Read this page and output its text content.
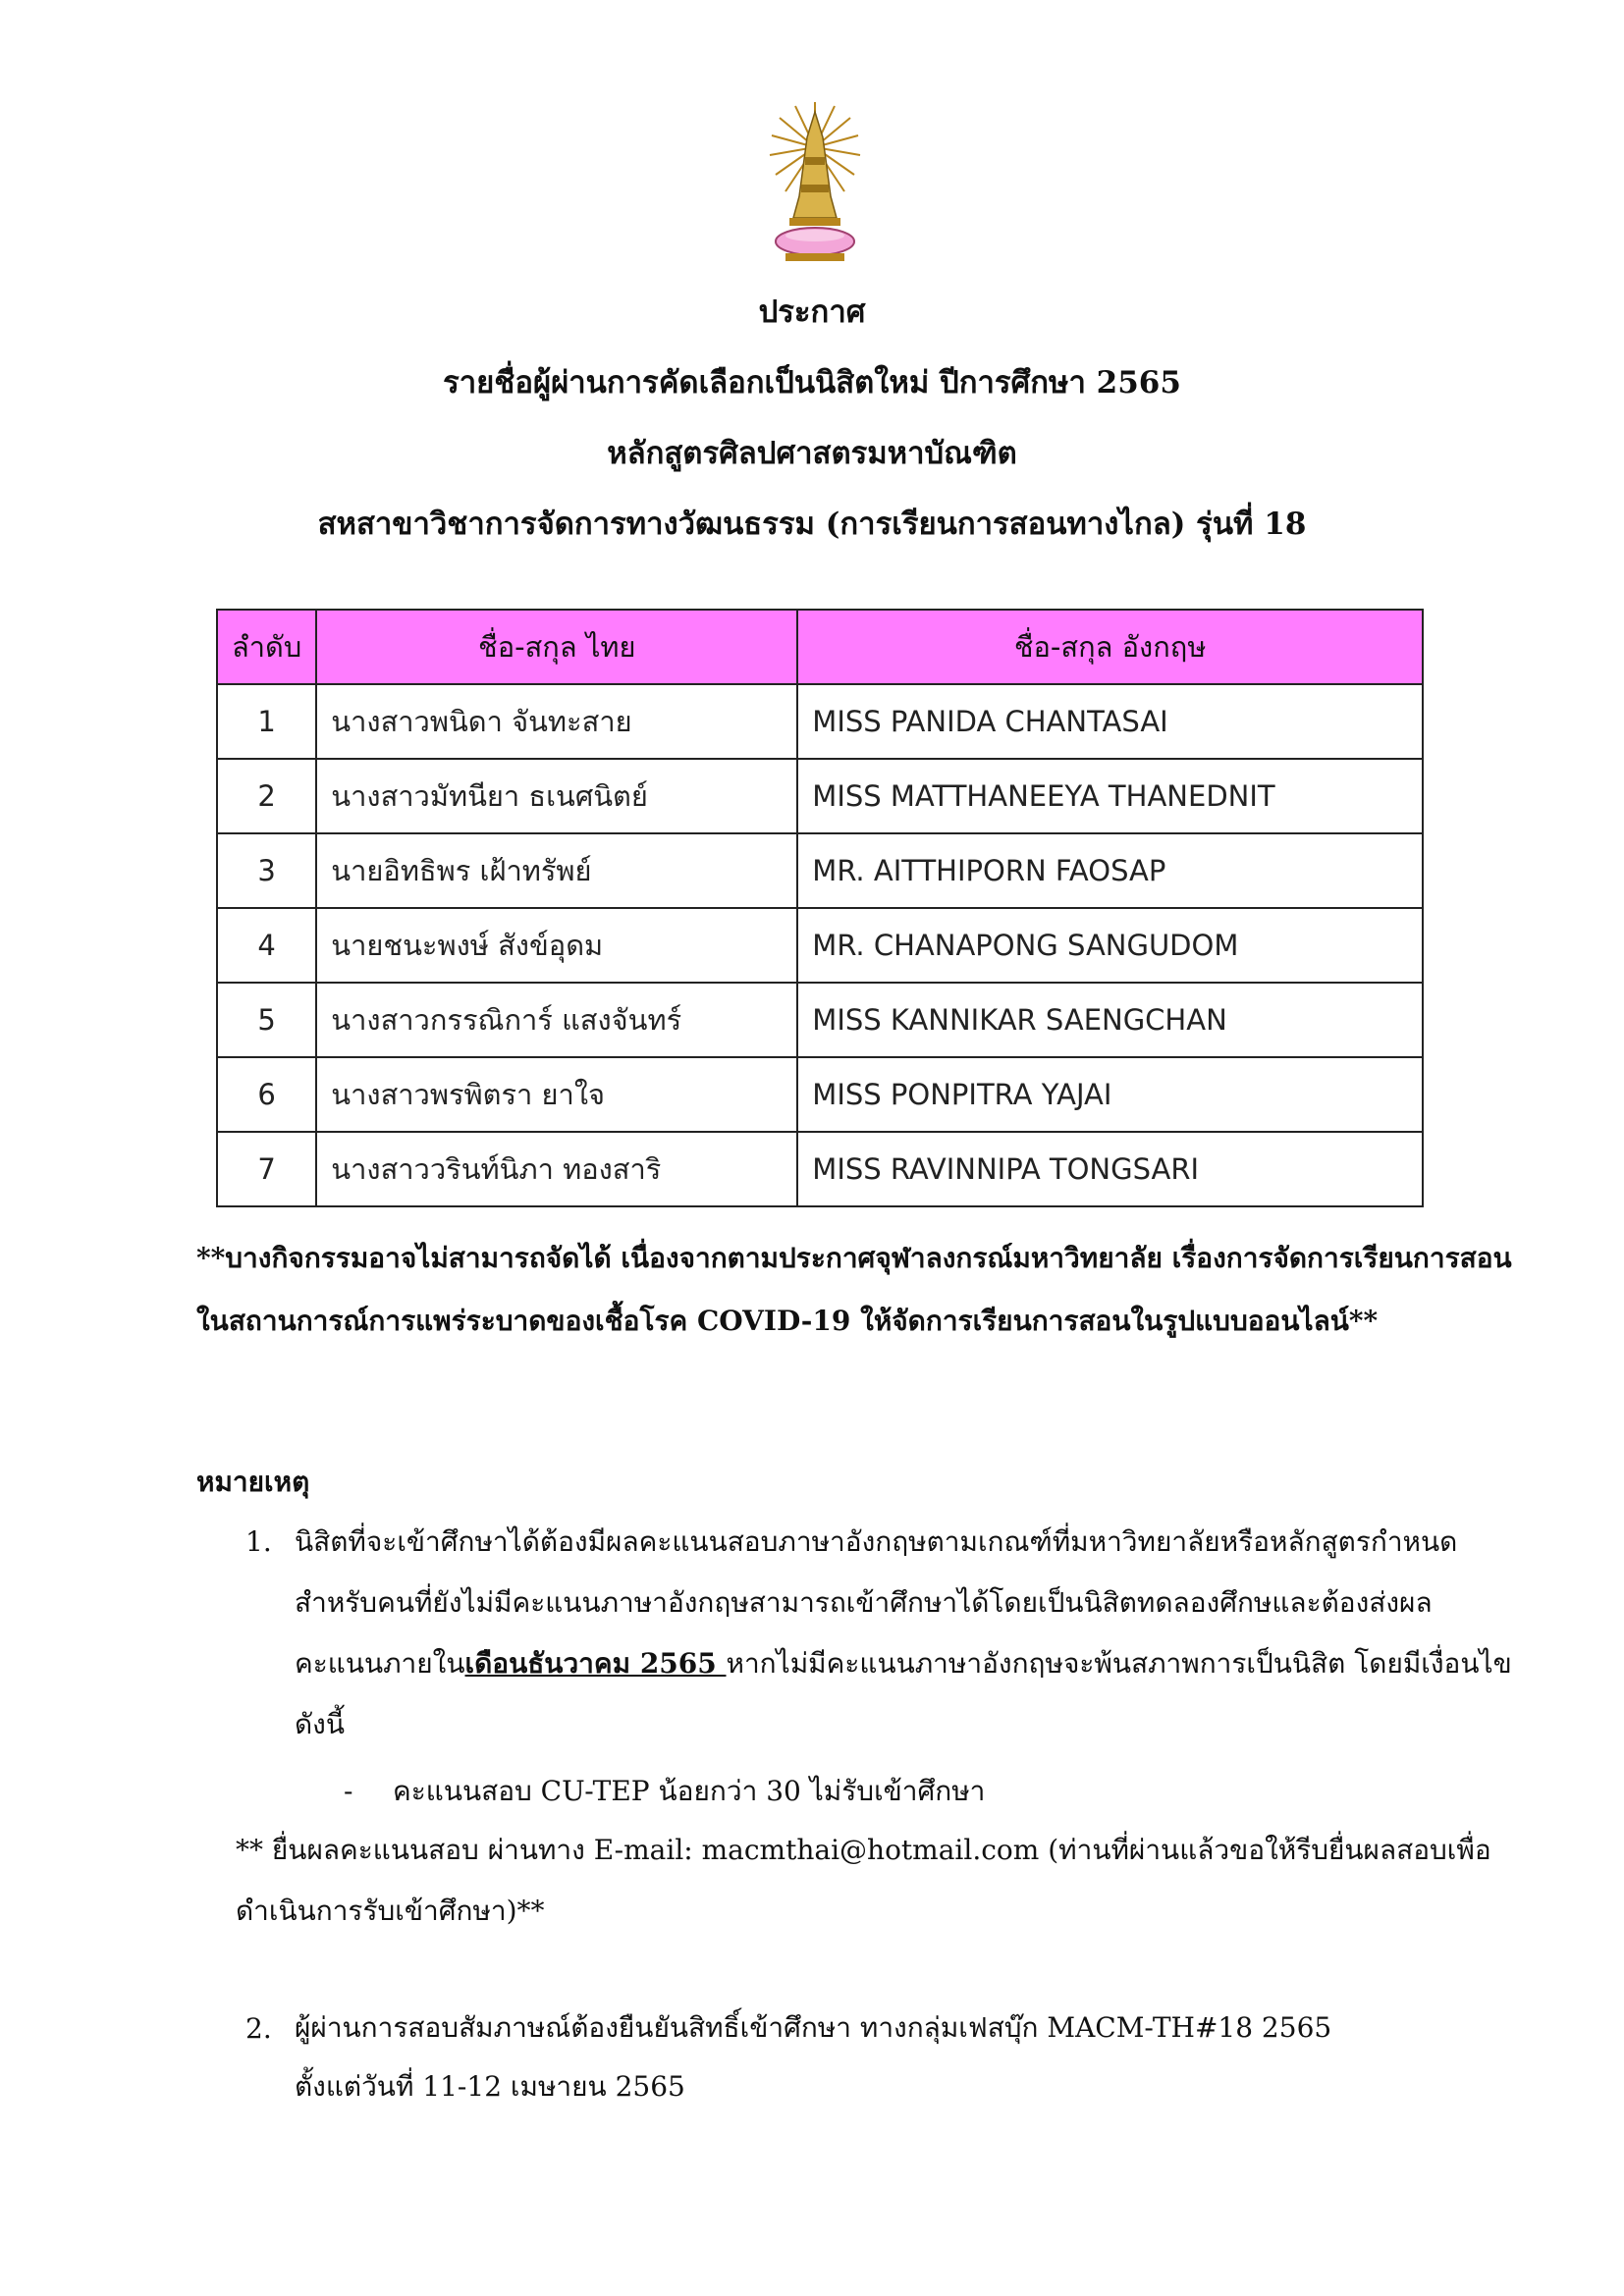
ประกาศ
รายชื่อผู้ผ่านการคัดเลือกเป็นนิสิตใหม่ ปีการศึกษา 2565
หลักสูตรศิลปศาสตรมหาบัณฑิต
สหสาขาวิชาการจัดการทางวัฒนธรรม (การเรียนการสอนทางไกล) รุ่นที่ 18
ลำดับ	ชื่อ-สกุล ไทย	ชื่อ-สกุล อังกฤษ
1	นางสาวพนิดา จันทะสาย	MISS PANIDA CHANTASAI
2	นางสาวมัทนียา ธเนศนิตย์	MISS MATTHANEEYA THANEDNIT
3	นายอิทธิพร เฝ้าทรัพย์	MR. AITTHIPORN FAOSAP
4	นายชนะพงษ์ สังข์อุดม	MR. CHANAPONG SANGUDOM
5	นางสาวกรรณิการ์ แสงจันทร์	MISS KANNIKAR SAENGCHAN
6	นางสาวพรพิตรา ยาใจ	MISS PONPITRA YAJAI
7	นางสาววรินท์นิภา ทองสาริ	MISS RAVINNIPA TONGSARI
**บางกิจกรรมอาจไม่สามารถจัดได้ เนื่องจากตามประกาศจุฬาลงกรณ์มหาวิทยาลัย เรื่องการจัดการเรียนการสอน
ในสถานการณ์การแพร่ระบาดของเชื้อโรค COVID-19 ให้จัดการเรียนการสอนในรูปแบบออนไลน์**
หมายเหตุ
1. นิสิตที่จะเข้าศึกษาได้ต้องมีผลคะแนนสอบภาษาอังกฤษตามเกณฑ์ที่มหาวิทยาลัยหรือหลักสูตรกำหนด
สำหรับคนที่ยังไม่มีคะแนนภาษาอังกฤษสามารถเข้าศึกษาได้โดยเป็นนิสิตทดลองศึกษและต้องส่งผล
คะแนนภายในเดือนธันวาคม 2565 หากไม่มีคะแนนภาษาอังกฤษจะพ้นสภาพการเป็นนิสิต โดยมีเงื่อนไข
ดังนี้
- คะแนนสอบ CU-TEP น้อยกว่า 30 ไม่รับเข้าศึกษา
** ยื่นผลคะแนนสอบ ผ่านทาง E-mail: macmthai@hotmail.com (ท่านที่ผ่านแล้วขอให้รีบยื่นผลสอบเพื่อ
ดำเนินการรับเข้าศึกษา)**
2. ผู้ผ่านการสอบสัมภาษณ์ต้องยืนยันสิทธิ์เข้าศึกษา ทางกลุ่มเฟสบุ๊ก MACM-TH#18 2565
ตั้งแต่วันที่ 11-12 เมษายน 2565
